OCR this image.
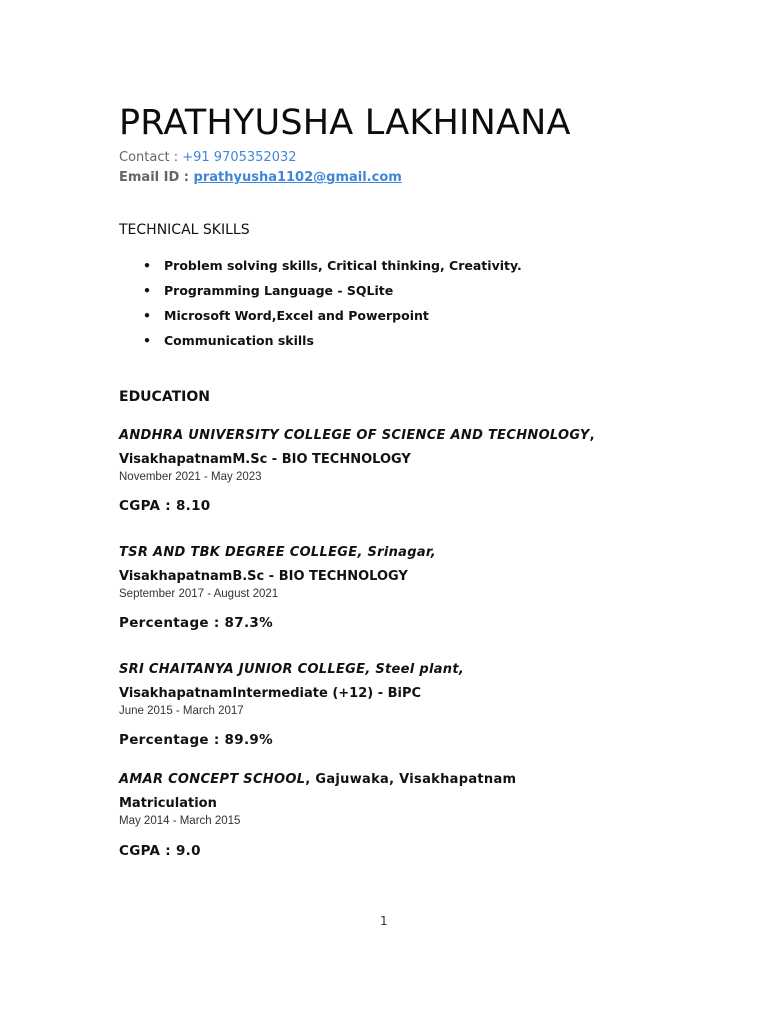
PRATHYUSHA LAKHINANA
Contact : +91 9705352032
Email ID : prathyusha1102@gmail.com
TECHNICAL SKILLS
• Problem solving skills, Critical thinking, Creativity.
• Programming Language - SQLite
• Microsoft Word,Excel and Powerpoint
• Communication skills
EDUCATION
ANDHRA UNIVERSITY COLLEGE OF SCIENCE AND TECHNOLOGY,
VisakhapatnamM.Sc - BIO TECHNOLOGY
November 2021 - May 2023
CGPA : 8.10
TSR AND TBK DEGREE COLLEGE, Srinagar,
VisakhapatnamB.Sc - BIO TECHNOLOGY
September 2017 - August 2021
Percentage : 87.3%
SRI CHAITANYA JUNIOR COLLEGE, Steel plant,
VisakhapatnamIntermediate (+12) - BiPC
June 2015 - March 2017
Percentage : 89.9%
AMAR CONCEPT SCHOOL, Gajuwaka, Visakhapatnam
Matriculation
May 2014 - March 2015
CGPA : 9.0
1
